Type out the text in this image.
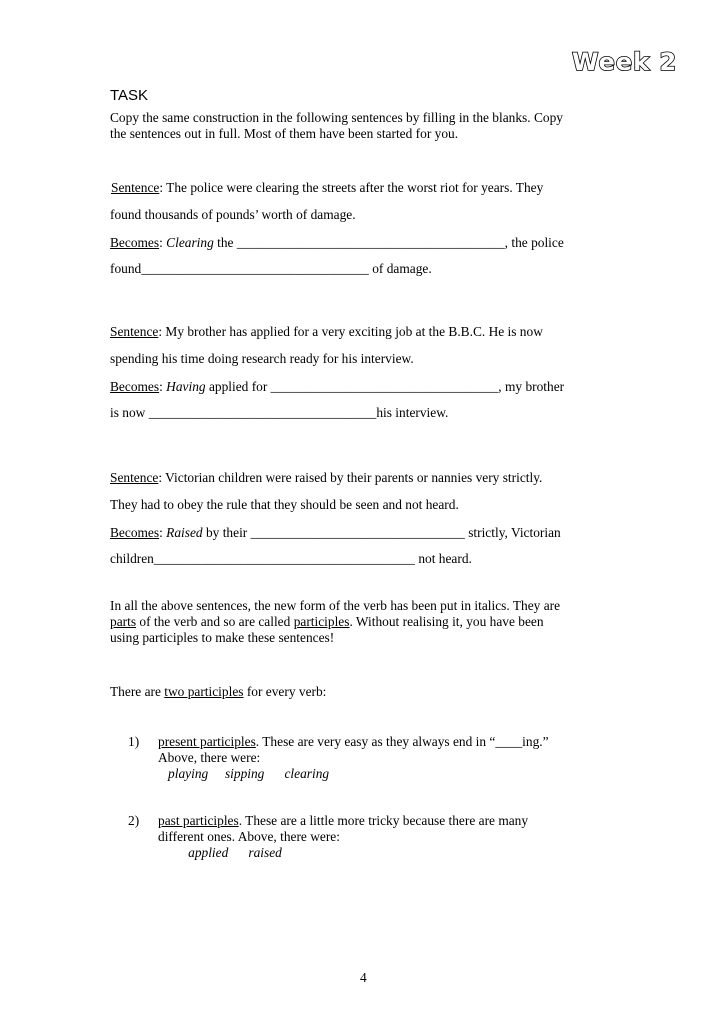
Week 2
TASK
Copy the same construction in the following sentences by filling in the blanks. Copy
the sentences out in full. Most of them have been started for you.
Sentence: The police were clearing the streets after the worst riot for years. They
found thousands of pounds’ worth of damage.
Becomes: Clearing the ________________________________________, the police
found__________________________________ of damage.
Sentence: My brother has applied for a very exciting job at the B.B.C. He is now
spending his time doing research ready for his interview.
Becomes: Having applied for __________________________________, my brother
is now __________________________________his interview.
Sentence: Victorian children were raised by their parents or nannies very strictly.
They had to obey the rule that they should be seen and not heard.
Becomes: Raised by their ________________________________ strictly, Victorian
children_______________________________________ not heard.
In all the above sentences, the new form of the verb has been put in italics. They are
parts of the verb and so are called participles. Without realising it, you have been
using participles to make these sentences!
There are two participles for every verb:
1) present participles. These are very easy as they always end in “____ing.”
Above, there were:
playing     sipping      clearing
2) past participles. These are a little more tricky because there are many
different ones. Above, there were:
applied      raised
4
